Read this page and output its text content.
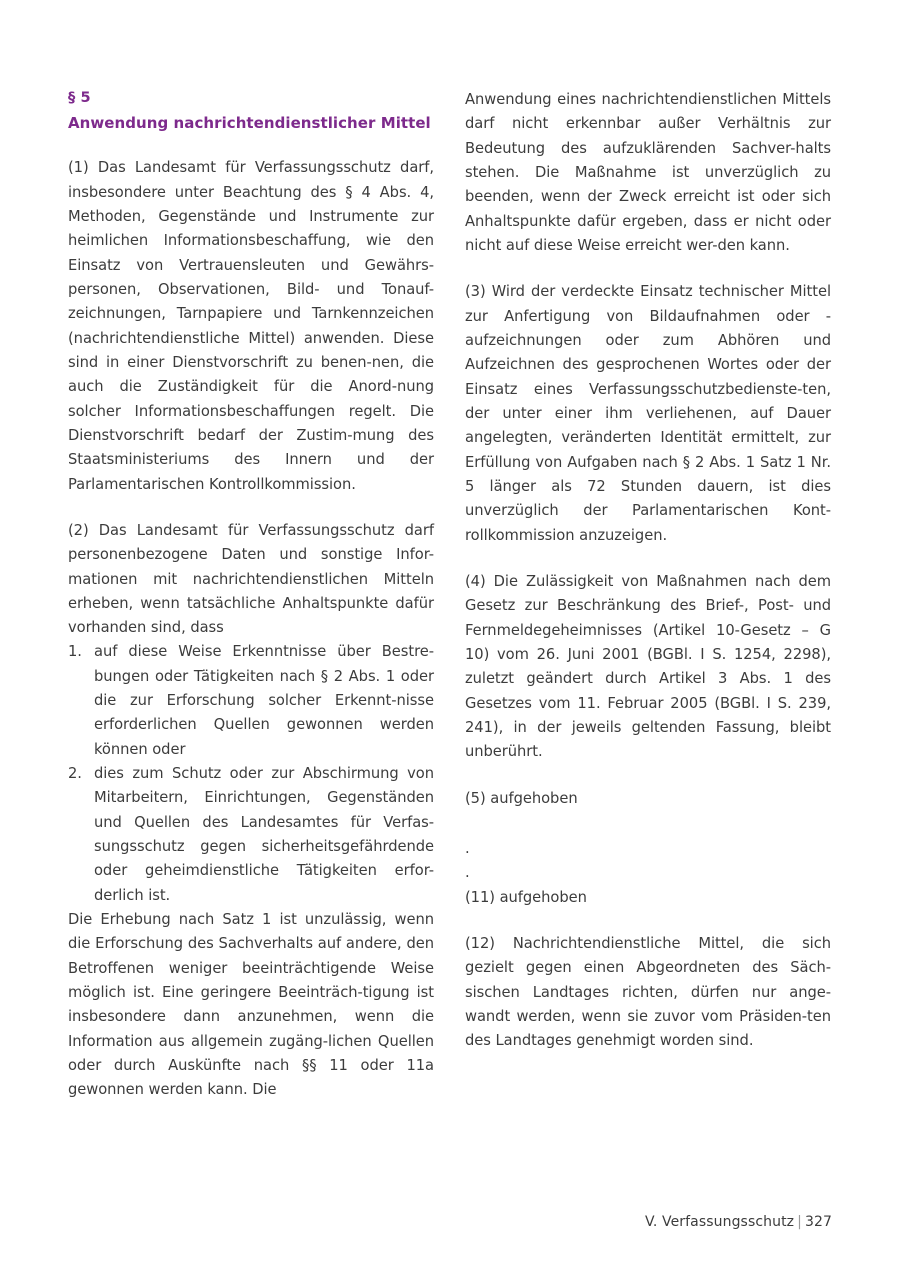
§ 5
Anwendung nachrichtendienstlicher Mittel

(1) Das Landesamt für Verfassungsschutz darf, insbesondere unter Beachtung des § 4 Abs. 4, Methoden, Gegenstände und Instrumente zur heimlichen Informationsbeschaffung, wie den Einsatz von Vertrauensleuten und Gewährs-personen, Observationen, Bild- und Tonauf-zeichnungen, Tarnpapiere und Tarnkennzeichen (nachrichtendienstliche Mittel) anwenden. Diese sind in einer Dienstvorschrift zu benen-nen, die auch die Zuständigkeit für die Anord-nung solcher Informationsbeschaffungen regelt. Die Dienstvorschrift bedarf der Zustim-mung des Staatsministeriums des Innern und der Parlamentarischen Kontrollkommission.

(2) Das Landesamt für Verfassungsschutz darf personenbezogene Daten und sonstige Infor-mationen mit nachrichtendienstlichen Mitteln erheben, wenn tatsächliche Anhaltspunkte dafür vorhanden sind, dass

1. auf diese Weise Erkenntnisse über Bestre-bungen oder Tätigkeiten nach § 2 Abs. 1 oder die zur Erforschung solcher Erkennt-nisse erforderlichen Quellen gewonnen werden können oder
2. dies zum Schutz oder zur Abschirmung von Mitarbeitern, Einrichtungen, Gegenständen und Quellen des Landesamtes für Verfas-sungsschutz gegen sicherheitsgefährdende oder geheimdienstliche Tätigkeiten erfor-derlich ist.

Die Erhebung nach Satz 1 ist unzulässig, wenn die Erforschung des Sachverhalts auf andere, den Betroffenen weniger beeinträchtigende Weise möglich ist. Eine geringere Beeinträch-tigung ist insbesondere dann anzunehmen, wenn die Information aus allgemein zugäng-lichen Quellen oder durch Auskünfte nach §§ 11 oder 11a gewonnen werden kann. Die

Anwendung eines nachrichtendienstlichen Mittels darf nicht erkennbar außer Verhältnis zur Bedeutung des aufzuklärenden Sachver-halts stehen. Die Maßnahme ist unverzüglich zu beenden, wenn der Zweck erreicht ist oder sich Anhaltspunkte dafür ergeben, dass er nicht oder nicht auf diese Weise erreicht wer-den kann.

(3) Wird der verdeckte Einsatz technischer Mittel zur Anfertigung von Bildaufnahmen oder -aufzeichnungen oder zum Abhören und Aufzeichnen des gesprochenen Wortes oder der Einsatz eines Verfassungsschutzbedienste-ten, der unter einer ihm verliehenen, auf Dauer angelegten, veränderten Identität ermittelt, zur Erfüllung von Aufgaben nach § 2 Abs. 1 Satz 1 Nr. 5 länger als 72 Stunden dauern, ist dies unverzüglich der Parlamentarischen Kont-rollkommission anzuzeigen.

(4) Die Zulässigkeit von Maßnahmen nach dem Gesetz zur Beschränkung des Brief-, Post- und Fernmeldegeheimnisses (Artikel 10-Gesetz – G 10) vom 26. Juni 2001 (BGBl. I S. 1254, 2298), zuletzt geändert durch Artikel 3 Abs. 1 des Gesetzes vom 11. Februar 2005 (BGBl. I S. 239, 241), in der jeweils geltenden Fassung, bleibt unberührt.

(5) aufgehoben

.

.

(11) aufgehoben

(12) Nachrichtendienstliche Mittel, die sich gezielt gegen einen Abgeordneten des Säch-sischen Landtages richten, dürfen nur ange-wandt werden, wenn sie zuvor vom Präsiden-ten des Landtages genehmigt worden sind.

V. Verfassungsschutz | 327
